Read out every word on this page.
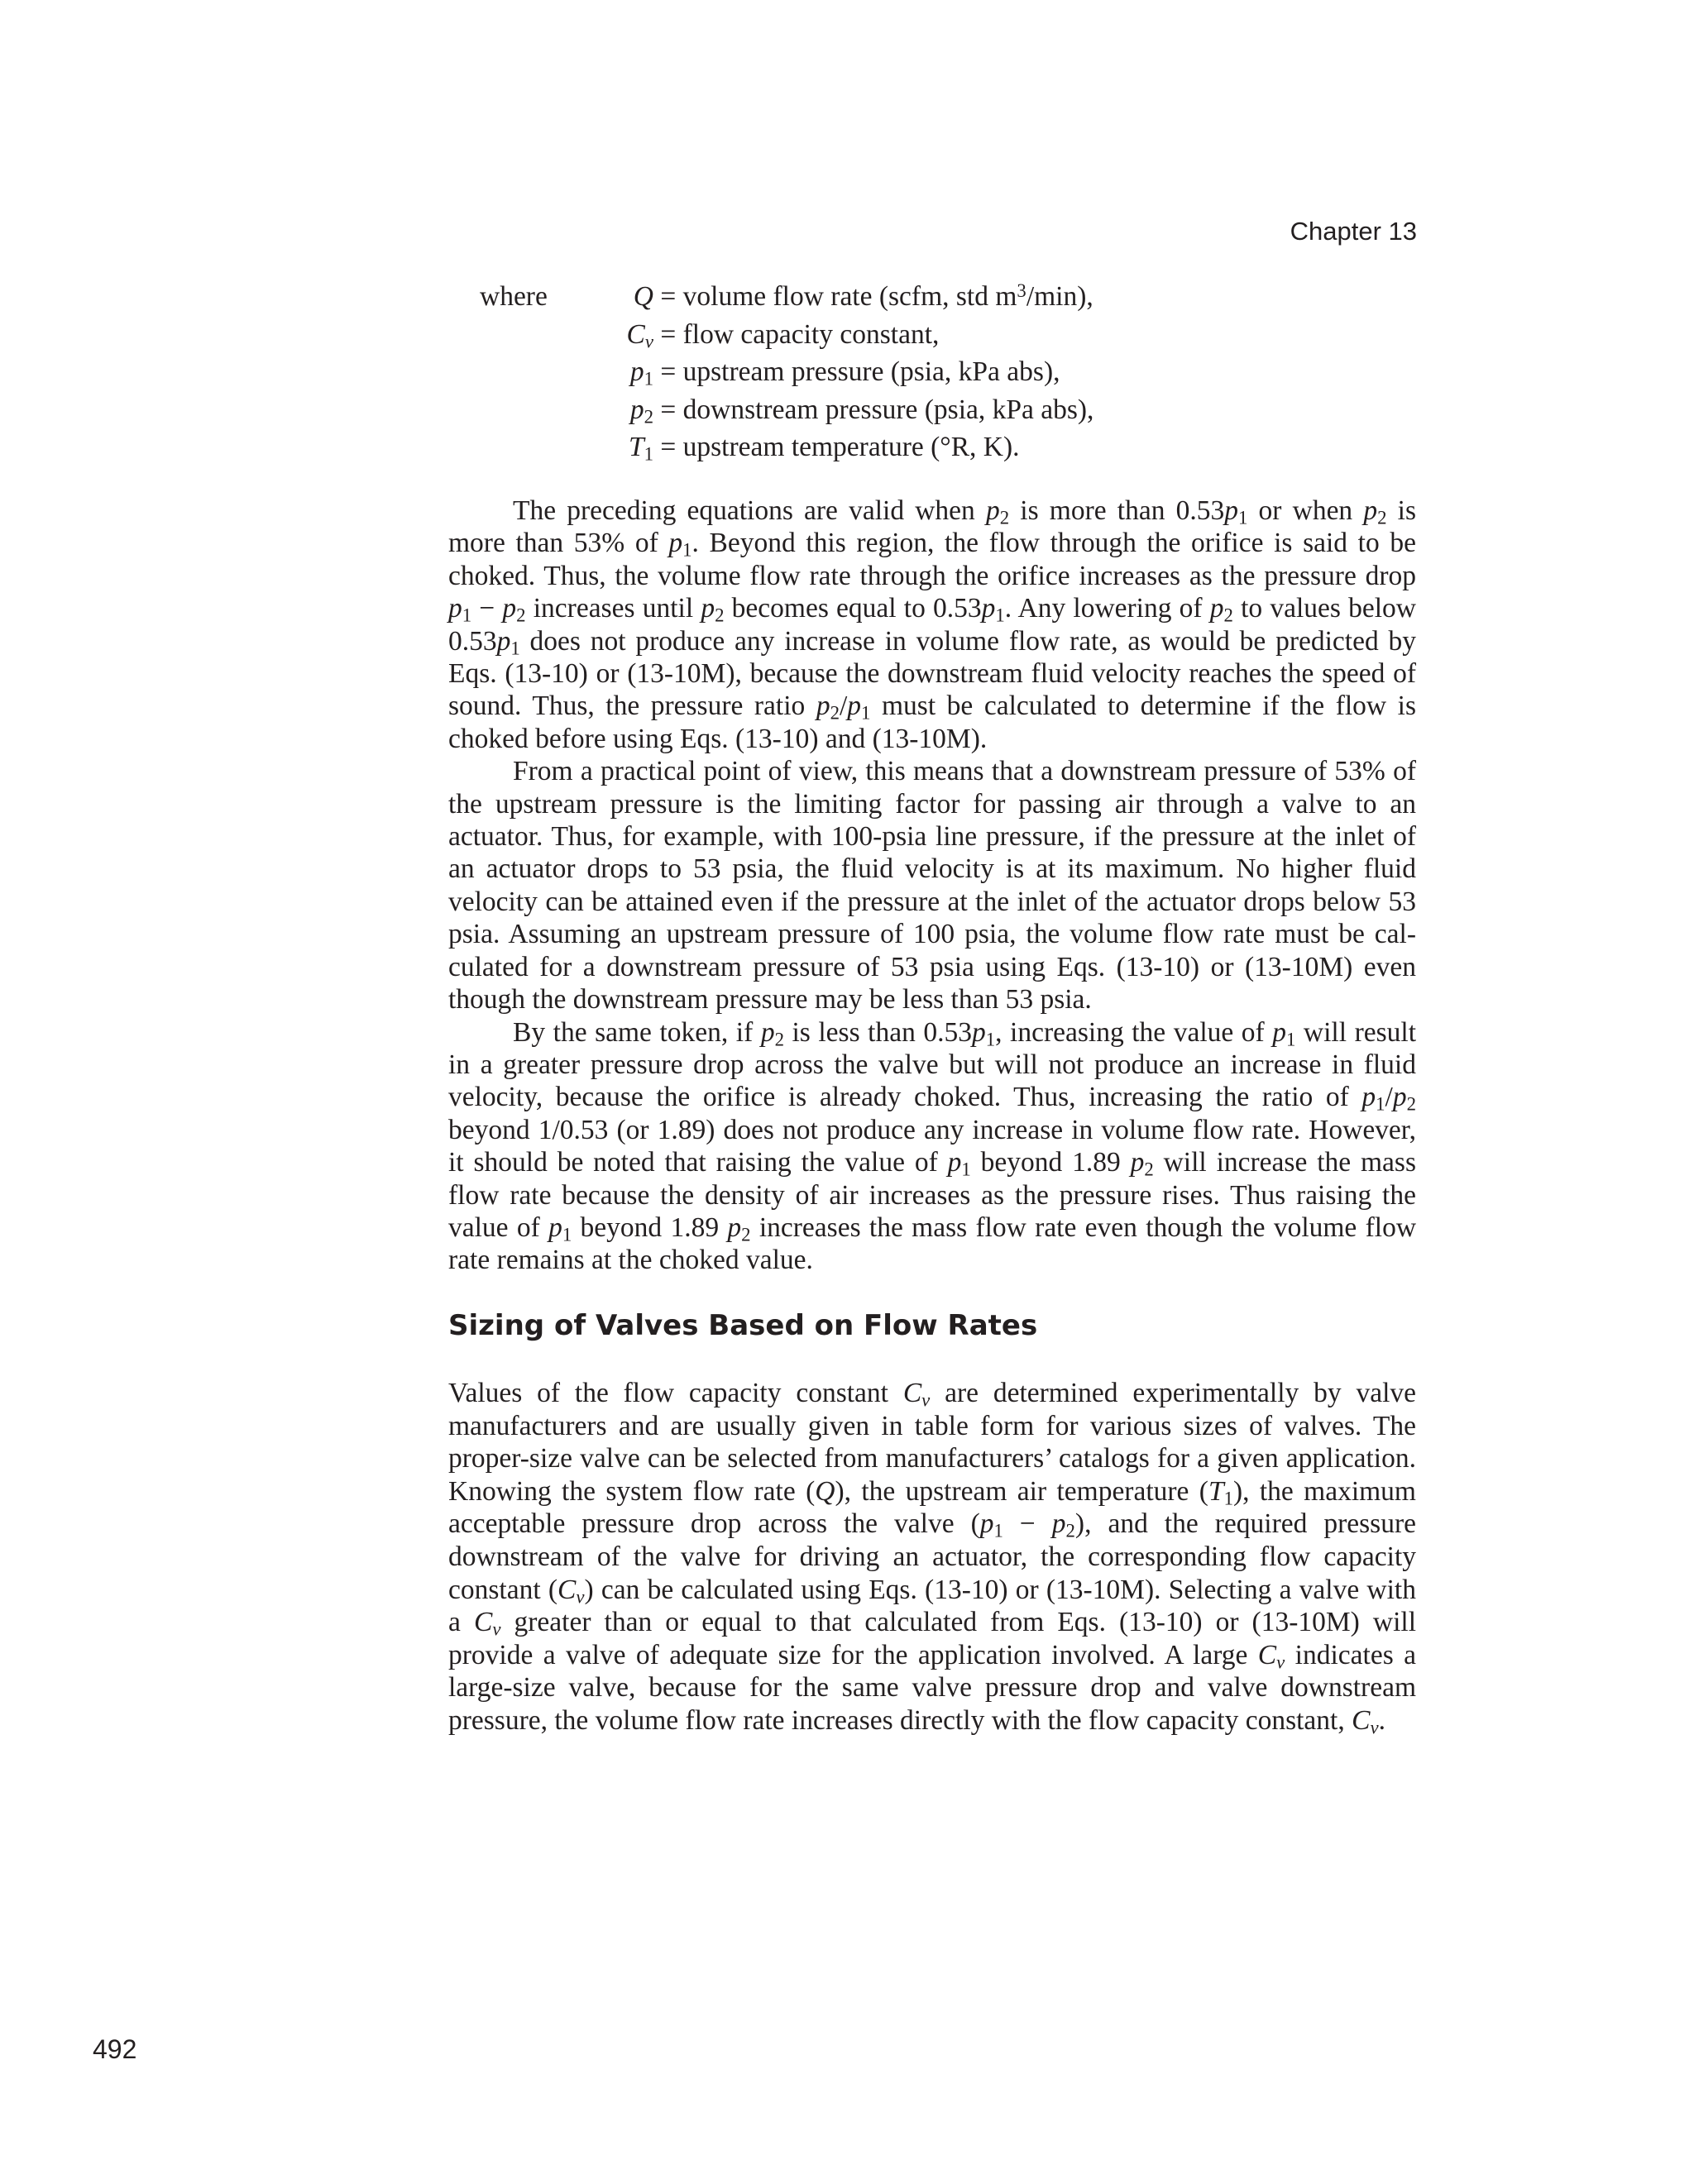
Chapter 13
where	Q = volume flow rate (scfm, std $m^3/\min$),
$C_v$ = flow capacity constant,
$p_1$ = upstream pressure (psia, kPa abs),
$p_2$ = downstream pressure (psia, kPa abs),
$T_1$ = upstream temperature (°R, K).

The preceding equations are valid when $p_2$ is more than $0.53p_1$ or when $p_2$ is more than 53% of $p_1$. Beyond this region, the flow through the orifice is said to be choked. Thus, the volume flow rate through the orifice increases as the pressure drop $p_1 - p_2$ increases until $p_2$ becomes equal to $0.53p_1$. Any lowering of $p_2$ to values below $0.53p_1$ does not produce any increase in volume flow rate, as would be predicted by Eqs. (13-10) or (13-10M), because the downstream fluid velocity reaches the speed of sound. Thus, the pressure ratio $p_2/p_1$ must be calculated to determine if the flow is choked before using Eqs. (13-10) and (13-10M).

From a practical point of view, this means that a downstream pressure of 53% of the upstream pressure is the limiting factor for passing air through a valve to an actuator. Thus, for example, with 100-psia line pressure, if the pressure at the inlet of an actuator drops to 53 psia, the fluid velocity is at its maximum. No higher fluid velocity can be attained even if the pressure at the inlet of the actuator drops below 53 psia. Assuming an upstream pressure of 100 psia, the volume flow rate must be calculated for a downstream pressure of 53 psia using Eqs. (13-10) or (13-10M) even though the downstream pressure may be less than 53 psia.

By the same token, if $p_2$ is less than $0.53p_1$, increasing the value of $p_1$ will result in a greater pressure drop across the valve but will not produce an increase in fluid velocity, because the orifice is already choked. Thus, increasing the ratio of $p_1/p_2$ beyond 1/0.53 (or 1.89) does not produce any increase in volume flow rate. However, it should be noted that raising the value of $p_1$ beyond 1.89 $p_2$ will increase the mass flow rate because the density of air increases as the pressure rises. Thus raising the value of $p_1$ beyond 1.89 $p_2$ increases the mass flow rate even though the volume flow rate remains at the choked value.

Sizing of Valves Based on Flow Rates

Values of the flow capacity constant $C_v$ are determined experimentally by valve manufacturers and are usually given in table form for various sizes of valves. The proper-size valve can be selected from manufacturers’ catalogs for a given application. Knowing the system flow rate (Q), the upstream air temperature $(T_1)$, the maximum acceptable pressure drop across the valve $(p_1 - p_2)$, and the required pressure downstream of the valve for driving an actuator, the corresponding flow capacity constant $(C_v)$ can be calculated using Eqs. (13-10) or (13-10M). Selecting a valve with a $C_v$ greater than or equal to that calculated from Eqs. (13-10) or (13-10M) will provide a valve of adequate size for the application involved. A large $C_v$ indicates a large-size valve, because for the same valve pressure drop and valve downstream pressure, the volume flow rate increases directly with the flow capacity constant, $C_v$.

492
